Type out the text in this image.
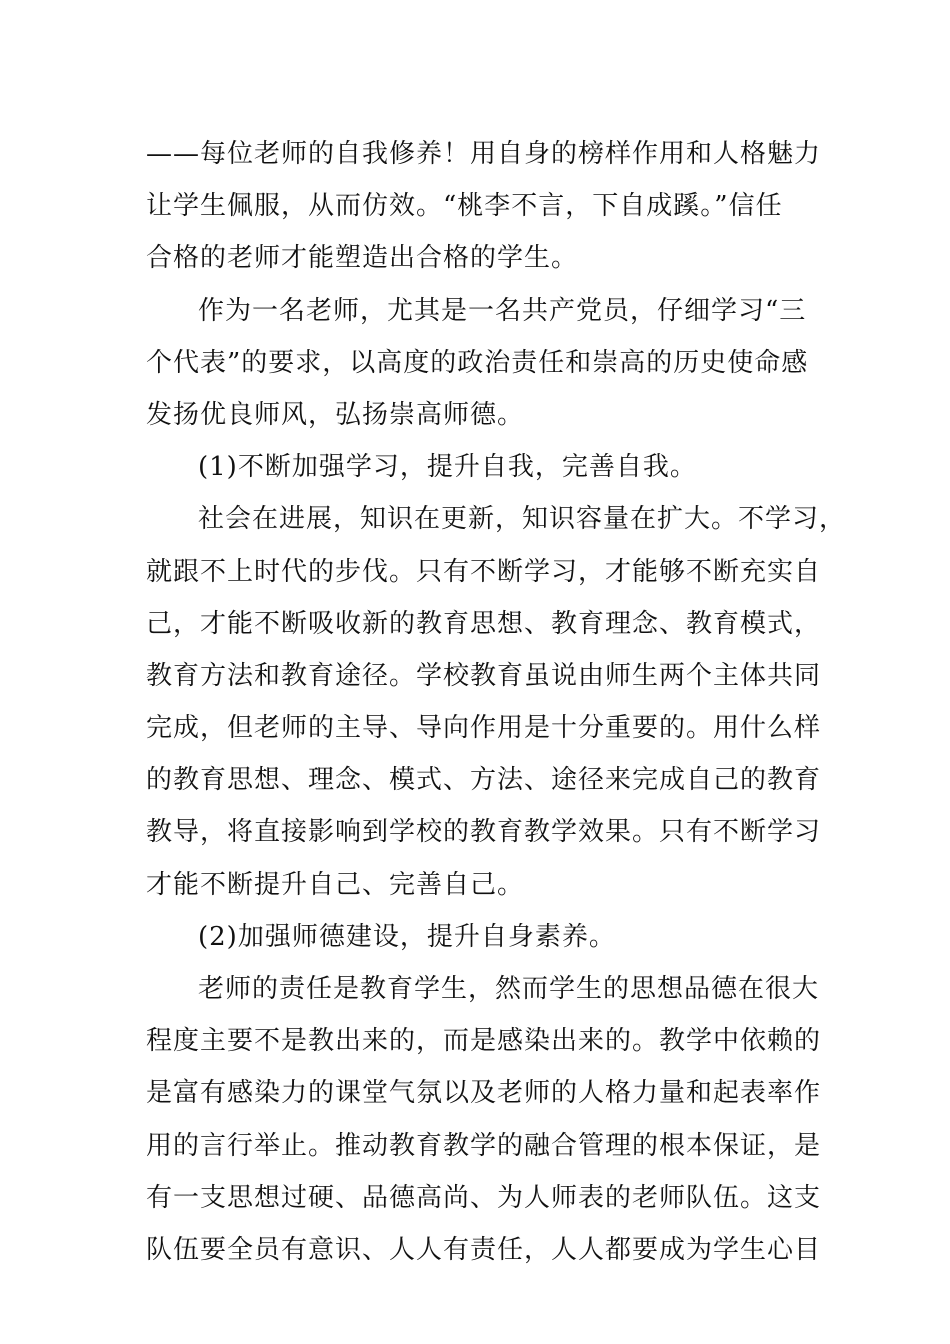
——每位老师的自我修养！用自身的榜样作用和人格魅力
让学生佩服，从而仿效。“桃李不言，下自成蹊。”信任
合格的老师才能塑造出合格的学生。
作为一名老师，尤其是一名共产党员，仔细学习“三
个代表”的要求，以高度的政治责任和崇高的历史使命感
发扬优良师风，弘扬崇高师德。
(1)不断加强学习，提升自我，完善自我。
社会在进展，知识在更新，知识容量在扩大。不学习，
就跟不上时代的步伐。只有不断学习，才能够不断充实自
己，才能不断吸收新的教育思想、教育理念、教育模式，
教育方法和教育途径。学校教育虽说由师生两个主体共同
完成，但老师的主导、导向作用是十分重要的。用什么样
的教育思想、理念、模式、方法、途径来完成自己的教育
教导，将直接影响到学校的教育教学效果。只有不断学习
才能不断提升自己、完善自己。
(2)加强师德建设，提升自身素养。
老师的责任是教育学生，然而学生的思想品德在很大
程度主要不是教出来的，而是感染出来的。教学中依赖的
是富有感染力的课堂气氛以及老师的人格力量和起表率作
用的言行举止。推动教育教学的融合管理的根本保证，是
有一支思想过硬、品德高尚、为人师表的老师队伍。这支
队伍要全员有意识、人人有责任，人人都要成为学生心目
